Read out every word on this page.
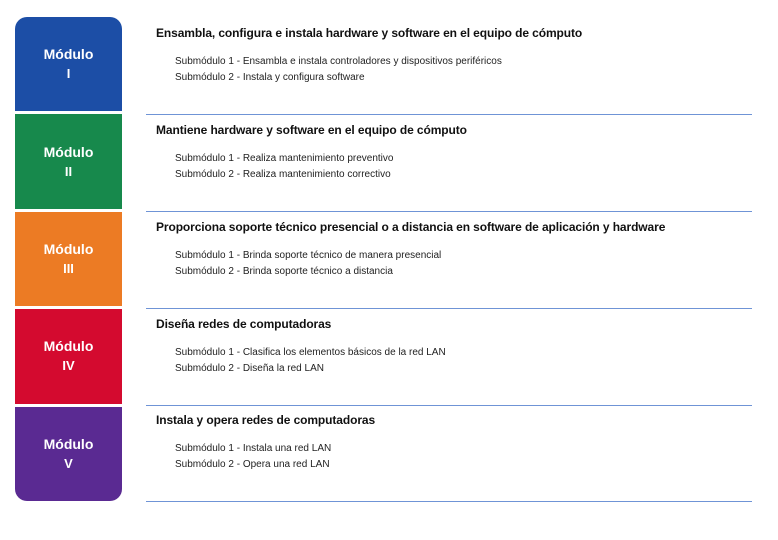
Módulo
I
Módulo
II
Módulo
III
Módulo
IV
Módulo
V
Ensambla, configura e instala hardware y software en el equipo de cómputo
Submódulo 1 - Ensambla e instala controladores y dispositivos periféricos
Submódulo 2 - Instala y configura software
Mantiene hardware y software en el equipo de cómputo
Submódulo 1 - Realiza mantenimiento preventivo
Submódulo 2 - Realiza mantenimiento correctivo
Proporciona soporte técnico presencial o a distancia en software de aplicación y hardware
Submódulo 1 - Brinda soporte técnico de manera presencial
Submódulo 2 - Brinda soporte técnico a distancia
Diseña redes de computadoras
Submódulo 1 - Clasifica los elementos básicos de la red LAN
Submódulo 2 - Diseña la red LAN
Instala y opera redes de computadoras
Submódulo 1 - Instala una red LAN
Submódulo 2 - Opera una red LAN
